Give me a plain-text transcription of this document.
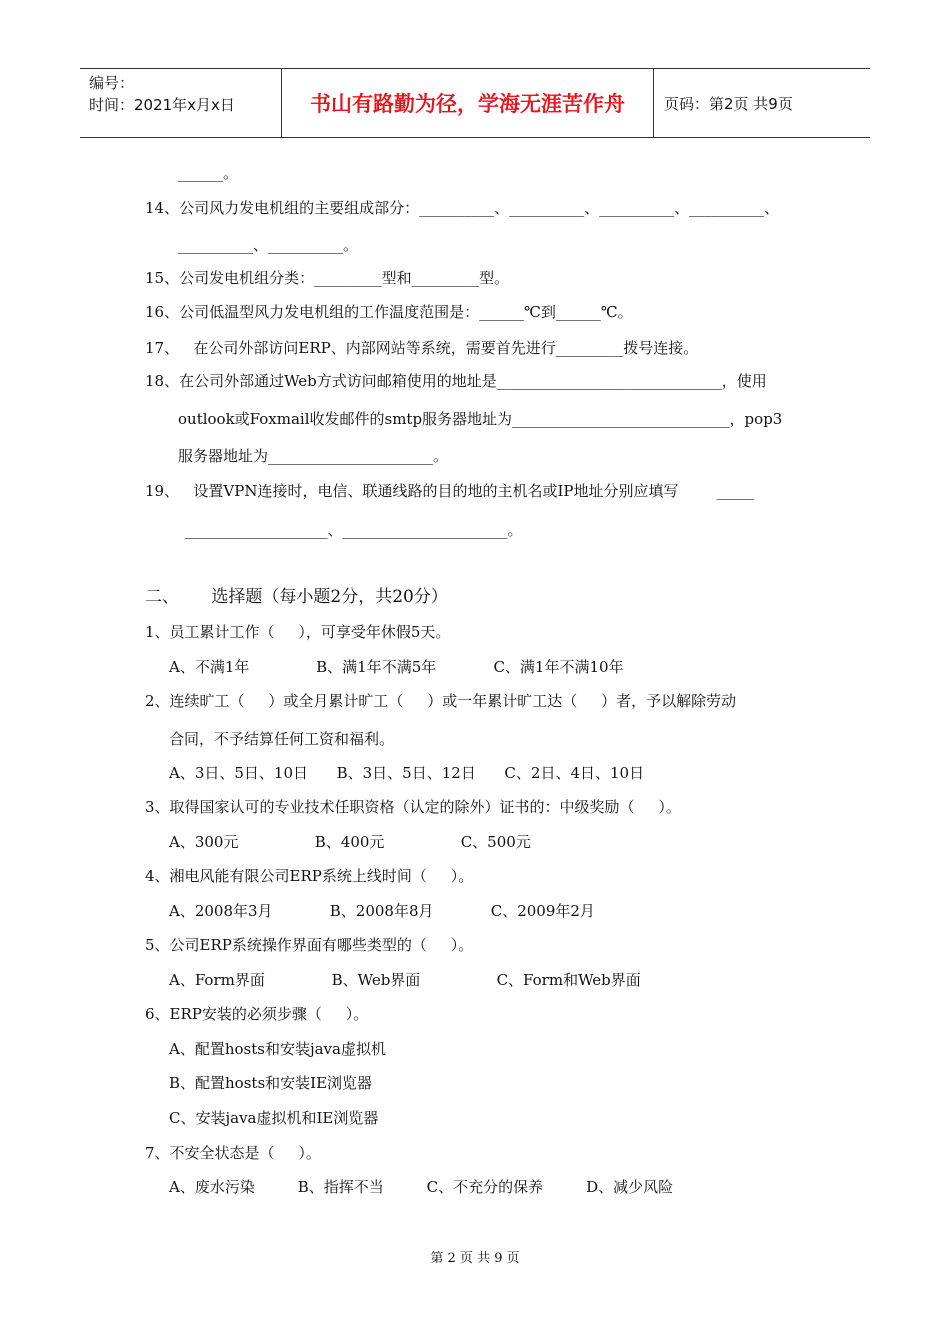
编号：
时间：2021年x月x日	书山有路勤为径，学海无涯苦作舟	页码：第2页 共9页
______。
14、公司风力发电机组的主要组成部分：__________、__________、__________、__________、
__________、__________。
15、公司发电机组分类：_________型和_________型。
16、公司低温型风力发电机组的工作温度范围是：______℃到______℃。
17、   在公司外部访问ERP、内部网站等系统，需要首先进行_________拨号连接。
18、在公司外部通过Web方式访问邮箱使用的地址是______________________________，使用
outlook或Foxmail收发邮件的smtp服务器地址为_____________________________，pop3
服务器地址为______________________。
19、   设置VPN连接时，电信、联通线路的目的地的主机名或IP地址分别应填写        _____
___________________、______________________。
二、      选择题（每小题2分，共20分）
1、员工累计工作（     ），可享受年休假5天。
A、不满1年              B、满1年不满5年            C、满1年不满10年
2、连续旷工（     ）或全月累计旷工（     ）或一年累计旷工达（     ）者，予以解除劳动
合同，不予结算任何工资和福利。
A、3日、5日、10日      B、3日、5日、12日      C、2日、4日、10日
3、取得国家认可的专业技术任职资格（认定的除外）证书的：中级奖励（     ）。
A、300元                B、400元                C、500元
4、湘电风能有限公司ERP系统上线时间（     ）。
A、2008年3月            B、2008年8月            C、2009年2月
5、公司ERP系统操作界面有哪些类型的（     ）。
A、Form界面              B、Web界面                C、Form和Web界面
6、ERP安装的必须步骤（     ）。
A、配置hosts和安装java虚拟机
B、配置hosts和安装IE浏览器
C、安装java虚拟机和IE浏览器
7、不安全状态是（     ）。
A、废水污染         B、指挥不当         C、不充分的保养         D、减少风险
第 2 页 共 9 页
